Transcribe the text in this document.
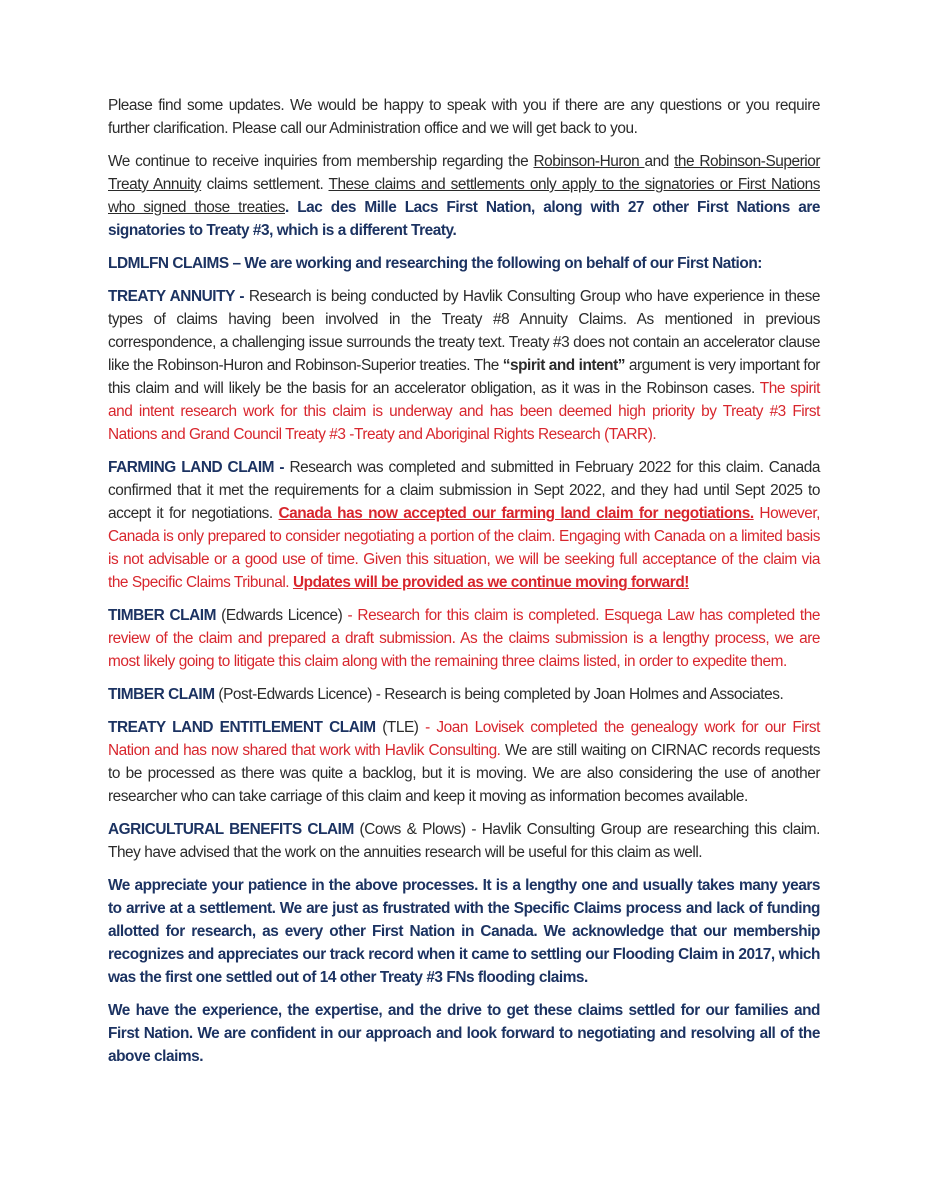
Please find some updates. We would be happy to speak with you if there are any questions or you require further clarification. Please call our Administration office and we will get back to you.

We continue to receive inquiries from membership regarding the Robinson-Huron and the Robinson-Superior Treaty Annuity claims settlement. These claims and settlements only apply to the signatories or First Nations who signed those treaties. Lac des Mille Lacs First Nation, along with 27 other First Nations are signatories to Treaty #3, which is a different Treaty.

LDMLFN CLAIMS – We are working and researching the following on behalf of our First Nation:

TREATY ANNUITY - Research is being conducted by Havlik Consulting Group who have experience in these types of claims having been involved in the Treaty #8 Annuity Claims. As mentioned in previous correspondence, a challenging issue surrounds the treaty text. Treaty #3 does not contain an accelerator clause like the Robinson-Huron and Robinson-Superior treaties. The “spirit and intent” argument is very important for this claim and will likely be the basis for an accelerator obligation, as it was in the Robinson cases. The spirit and intent research work for this claim is underway and has been deemed high priority by Treaty #3 First Nations and Grand Council Treaty #3 -Treaty and Aboriginal Rights Research (TARR).

FARMING LAND CLAIM - Research was completed and submitted in February 2022 for this claim. Canada confirmed that it met the requirements for a claim submission in Sept 2022, and they had until Sept 2025 to accept it for negotiations. Canada has now accepted our farming land claim for negotiations. However, Canada is only prepared to consider negotiating a portion of the claim. Engaging with Canada on a limited basis is not advisable or a good use of time. Given this situation, we will be seeking full acceptance of the claim via the Specific Claims Tribunal. Updates will be provided as we continue moving forward!

TIMBER CLAIM (Edwards Licence) - Research for this claim is completed. Esquega Law has completed the review of the claim and prepared a draft submission. As the claims submission is a lengthy process, we are most likely going to litigate this claim along with the remaining three claims listed, in order to expedite them.

TIMBER CLAIM (Post-Edwards Licence) - Research is being completed by Joan Holmes and Associates.

TREATY LAND ENTITLEMENT CLAIM (TLE) - Joan Lovisek completed the genealogy work for our First Nation and has now shared that work with Havlik Consulting. We are still waiting on CIRNAC records requests to be processed as there was quite a backlog, but it is moving. We are also considering the use of another researcher who can take carriage of this claim and keep it moving as information becomes available.

AGRICULTURAL BENEFITS CLAIM (Cows & Plows) - Havlik Consulting Group are researching this claim. They have advised that the work on the annuities research will be useful for this claim as well.

We appreciate your patience in the above processes. It is a lengthy one and usually takes many years to arrive at a settlement. We are just as frustrated with the Specific Claims process and lack of funding allotted for research, as every other First Nation in Canada. We acknowledge that our membership recognizes and appreciates our track record when it came to settling our Flooding Claim in 2017, which was the first one settled out of 14 other Treaty #3 FNs flooding claims.

We have the experience, the expertise, and the drive to get these claims settled for our families and First Nation. We are confident in our approach and look forward to negotiating and resolving all of the above claims.
